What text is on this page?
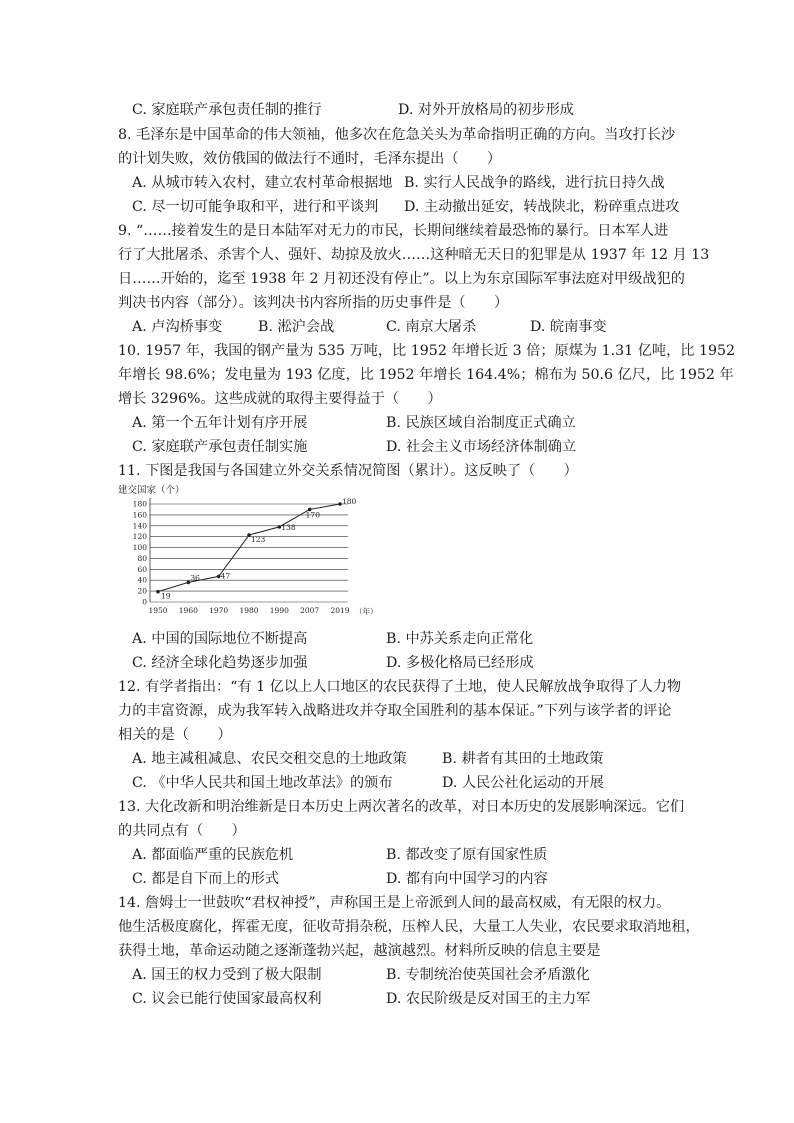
C. 家庭联产承包责任制的推行	D. 对外开放格局的初步形成
8. 毛泽东是中国革命的伟大领袖，他多次在危急关头为革命指明正确的方向。当攻打长沙
的计划失败，效仿俄国的做法行不通时，毛泽东提出（　　）
A. 从城市转入农村，建立农村革命根据地 B. 实行人民战争的路线，进行抗日持久战
C. 尽一切可能争取和平，进行和平谈判 D. 主动撤出延安，转战陕北，粉碎重点进攻
9. “……接着发生的是日本陆军对无力的市民，长期间继续着最恐怖的暴行。日本军人进
行了大批屠杀、杀害个人、强奸、劫掠及放火……这种暗无天日的犯罪是从 1937 年 12 月 13
日……开始的，迄至 1938 年 2 月初还没有停止”。以上为东京国际军事法庭对甲级战犯的
判决书内容（部分）。该判决书内容所指的历史事件是（　　）
A. 卢沟桥事变	B. 淞沪会战	C. 南京大屠杀	D. 皖南事变
10. 1957 年，我国的钢产量为 535 万吨，比 1952 年增长近 3 倍；原煤为 1.31 亿吨，比 1952
年增长 98.6%；发电量为 193 亿度，比 1952 年增长 164.4%；棉布为 50.6 亿尺，比 1952 年
增长 3296%。这些成就的取得主要得益于（　　）
A. 第一个五年计划有序开展	B. 民族区域自治制度正式确立
C. 家庭联产承包责任制实施	D. 社会主义市场经济体制确立
11. 下图是我国与各国建立外交关系情况简图（累计）。这反映了（　　）
建交国家（个）
0
20
40
60
80
100
120
140
160
180
1950 1960 1970 1980 1990 2007 2019
19
36	47
123
138
170
180
（年）
A. 中国的国际地位不断提高	B. 中苏关系走向正常化
C. 经济全球化趋势逐步加强	D. 多极化格局已经形成
12. 有学者指出：“有 1 亿以上人口地区的农民获得了土地，使人民解放战争取得了人力物
力的丰富资源，成为我军转入战略进攻并夺取全国胜利的基本保证。”下列与该学者的评论
相关的是（　　）
A. 地主减租减息、农民交租交息的土地政策 B. 耕者有其田的土地政策
C. 《中华人民共和国土地改革法》的颁布	D. 人民公社化运动的开展
13. 大化改新和明治维新是日本历史上两次著名的改革，对日本历史的发展影响深远。它们
的共同点有（　　）
A. 都面临严重的民族危机	B. 都改变了原有国家性质
C. 都是自下而上的形式	D. 都有向中国学习的内容
14. 詹姆士一世鼓吹“君权神授”，声称国王是上帝派到人间的最高权威，有无限的权力。
他生活极度腐化，挥霍无度，征收苛捐杂税，压榨人民，大量工人失业，农民要求取消地租，
获得土地，革命运动随之逐渐蓬勃兴起，越演越烈。材料所反映的信息主要是
A. 国王的权力受到了极大限制	B. 专制统治使英国社会矛盾激化
C. 议会已能行使国家最高权利	D. 农民阶级是反对国王的主力军
